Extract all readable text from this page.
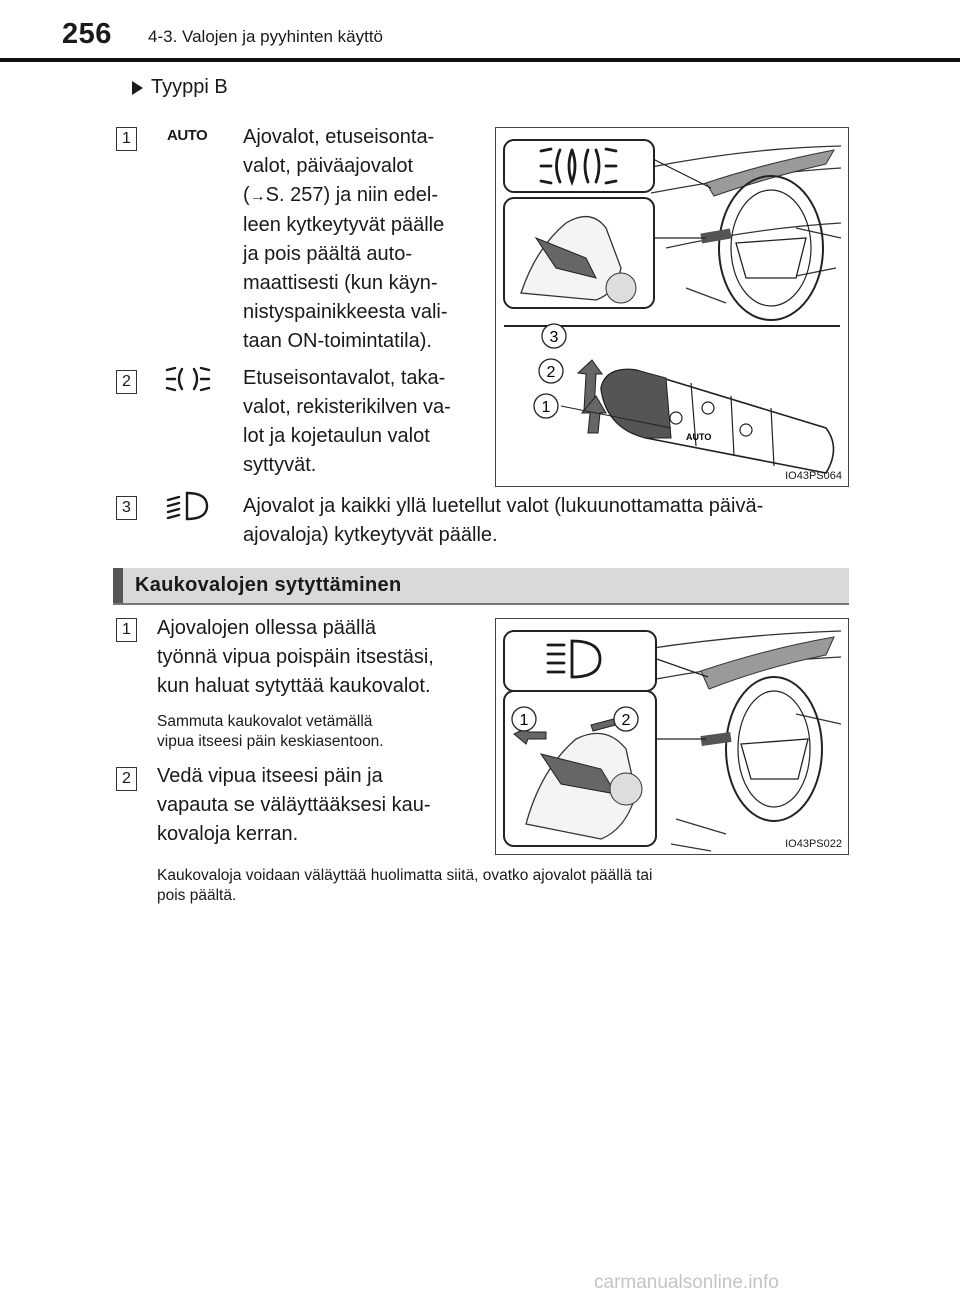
256 4-3. Valojen ja pyyhinten käyttö
Tyyppi B
1	AUTO Ajovalot, etuseisonta-
valot, päiväajovalot
(→S. 257) ja niin edel-
leen kytkeytyvät päälle
ja pois päältä auto-
maattisesti (kun käyn-
nistyspainikkeesta vali-
taan ON-toimintatila).
2	Etuseisontavalot, taka-
valot, rekisterikilven va-
lot ja kojetaulun valot
syttyvät.
AUTO
3
2
1
IO43PS064
3	Ajovalot ja kaikki yllä luetellut valot (lukuunottamatta päivä-
ajovaloja) kytkeytyvät päälle.
Kaukovalojen sytyttäminen
1	Ajovalojen ollessa päällä
työnnä vipua poispäin itsestäsi,
kun haluat sytyttää kaukovalot.
Sammuta kaukovalot vetämällä
vipua itseesi päin keskiasentoon.
2	Vedä vipua itseesi päin ja
vapauta se väläyttääksesi kau-
kovaloja kerran.
1	2
IO43PS022
Kaukovaloja voidaan väläyttää huolimatta siitä, ovatko ajovalot päällä tai
pois päältä.
carmanualsonline.info
